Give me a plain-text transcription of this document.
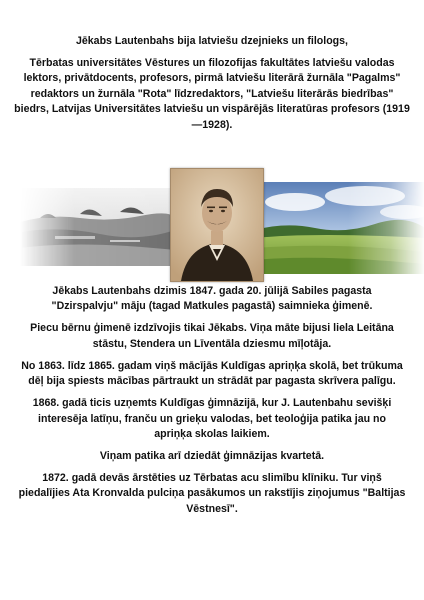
Jēkabs Lautenbahs bija latviešu dzejnieks un filologs,

Tērbatas universitātes Vēstures un filozofijas fakultātes latviešu valodas lektors, privātdocents, profesors, pirmā latviešu literārā žurnāla "Pagalms" redaktors un žurnāla "Rota" līdzredaktors, "Latviešu literārās biedrības" biedrs, Latvijas Universitātes latviešu un vispārējās literatūras profesors (1919—1928).

Jēkabs Lautenbahs dzimis 1847. gada 20. jūlijā Sabiles pagasta "Dzirspalvju" māju (tagad Matkules pagastā) saimnieka ģimenē.

Piecu bērnu ģimenē izdzīvojis tikai Jēkabs. Viņa māte bijusi liela Leitāna stāstu, Stendera un Līventāla dziesmu mīļotāja.

No 1863. līdz 1865. gadam viņš mācījās Kuldīgas apriņķa skolā, bet trūkuma dēļ bija spiests mācības pārtraukt un strādāt par pagasta skrīvera palīgu.

1868. gadā ticis uzņemts Kuldīgas ģimnāzijā, kur J. Lautenbahu sevišķi interesēja latīņu, franču un grieķu valodas, bet teoloģija patika jau no apriņķa skolas laikiem.

Viņam patika arī dziedāt ģimnāzijas kvartetā.

1872. gadā devās ārstēties uz Tērbatas acu slimību klīniku. Tur viņš piedalījies Ata Kronvalda pulciņa pasākumos un rakstījis ziņojumus "Baltijas Vēstnesī".
